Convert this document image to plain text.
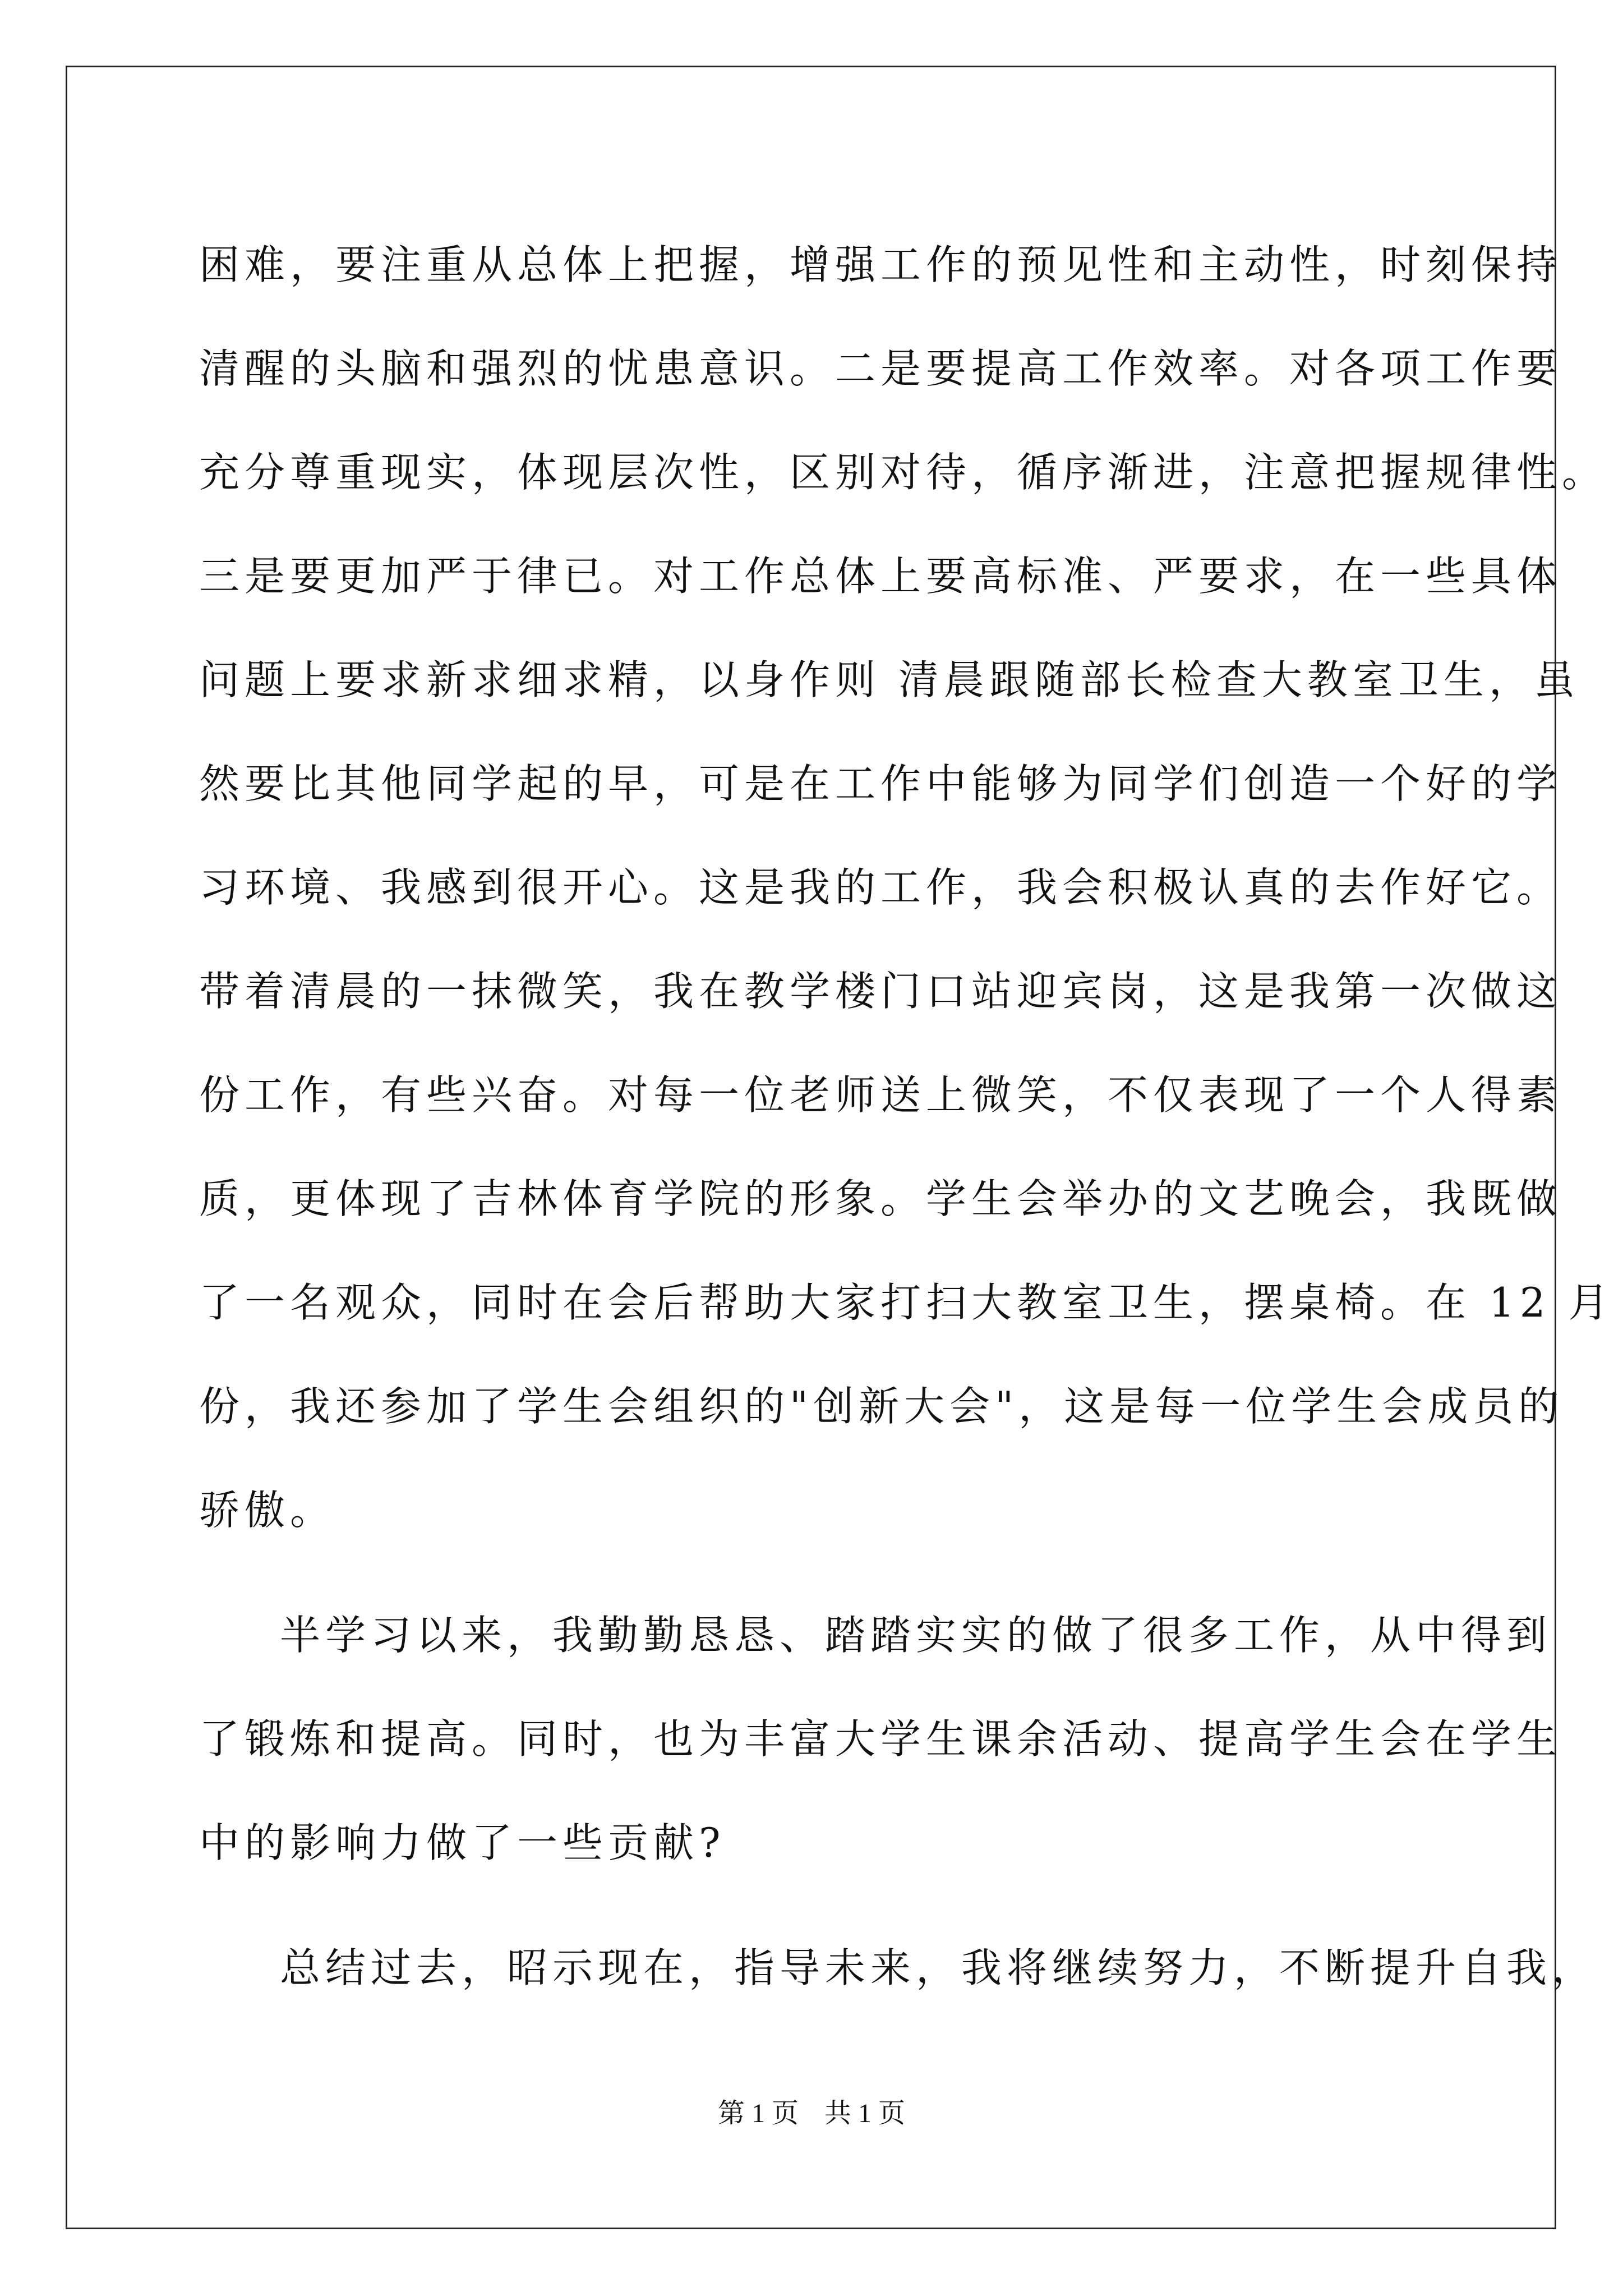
困难，要注重从总体上把握，增强工作的预见性和主动性，时刻保持
清醒的头脑和强烈的忧患意识。二是要提高工作效率。对各项工作要
充分尊重现实，体现层次性，区别对待，循序渐进，注意把握规律性。
三是要更加严于律已。对工作总体上要高标准、严要求，在一些具体
问题上要求新求细求精，以身作则 清晨跟随部长检查大教室卫生，虽
然要比其他同学起的早，可是在工作中能够为同学们创造一个好的学
习环境、我感到很开心。这是我的工作，我会积极认真的去作好它。
带着清晨的一抹微笑，我在教学楼门口站迎宾岗，这是我第一次做这
份工作，有些兴奋。对每一位老师送上微笑，不仅表现了一个人得素
质，更体现了吉林体育学院的形象。学生会举办的文艺晚会，我既做
了一名观众，同时在会后帮助大家打扫大教室卫生，摆桌椅。在 12 月
份，我还参加了学生会组织的"创新大会"，这是每一位学生会成员的
骄傲。
半学习以来，我勤勤恳恳、踏踏实实的做了很多工作，从中得到
了锻炼和提高。同时，也为丰富大学生课余活动、提高学生会在学生
中的影响力做了一些贡献?
总结过去，昭示现在，指导未来，我将继续努力，不断提升自我，
第 1 页 共 1 页
